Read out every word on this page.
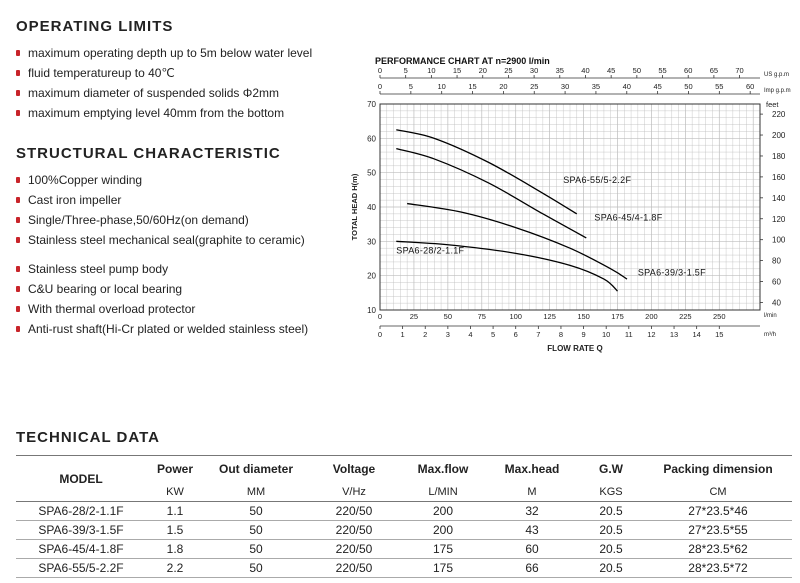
OPERATING LIMITS
maximum operating depth up to 5m below water level
fluid temperatureup to 40℃
maximum diameter of suspended solids Φ2mm
maximum emptying level 40mm from the bottom
STRUCTURAL CHARACTERISTIC
100%Copper winding
Cast iron impeller
Single/Three-phase,50/60Hz(on demand)
Stainless steel mechanical seal(graphite to ceramic)
Stainless steel pump body
C&U bearing or local bearing
With thermal overload protector
Anti-rust shaft(Hi-Cr plated or welded stainless steel)
PERFORMANCE CHART AT n=2900 l/min
10
20
30
40
50
60
70
TOTAL HEAD H(m)
feet
40
60
80
100
120
140
160
180
200
220
0	25	50	75	100	125	150	175	200	225	250	l/min
0 1 2 3 4 5 6 7 8 9 10 11 12 13 14 15	m³/h
FLOW RATE Q
0	5	10 15 20 25 30 35 40 45 50 55 60 65 70	US g.p.m
0	5	10	15	20	25	30	35	40	45	50	55	60 Imp g.p.m
SPA6-55/5-2.2F
SPA6-45/4-1.8F
SPA6-39/3-1.5F
SPA6-28/2-1.1F
TECHNICAL DATA
MODEL	Power	Out diameter	Voltage	Max.flow	Max.head	G.W	Packing dimension
	KW	MM	V/Hz	L/MIN	M	KGS	CM
SPA6-28/2-1.1F	1.1	50	220/50	200	32	20.5	27*23.5*46
SPA6-39/3-1.5F	1.5	50	220/50	200	43	20.5	27*23.5*55
SPA6-45/4-1.8F	1.8	50	220/50	175	60	20.5	28*23.5*62
SPA6-55/5-2.2F	2.2	50	220/50	175	66	20.5	28*23.5*72
